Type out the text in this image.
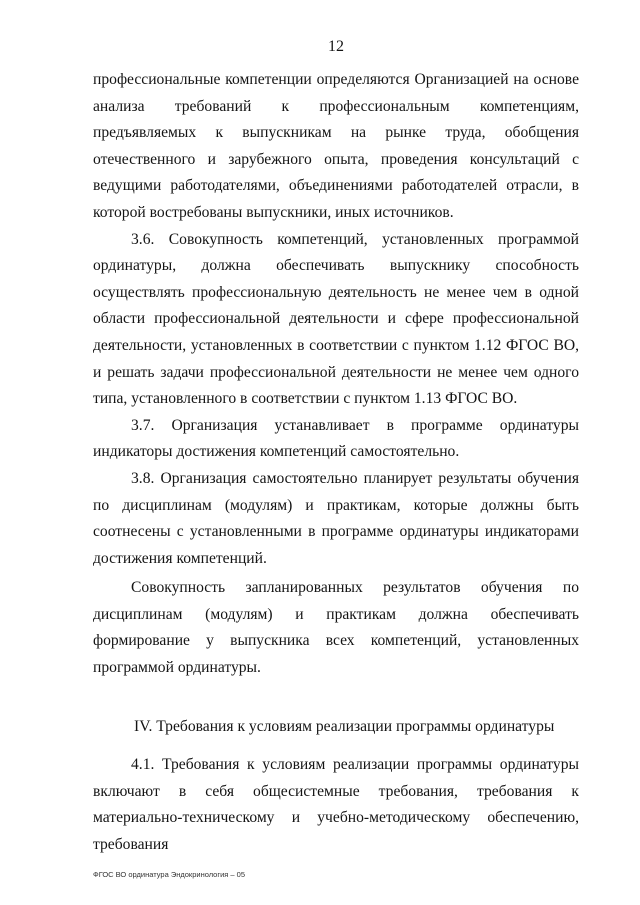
12

профессиональные компетенции определяются Организацией на основе анализа требований к профессиональным компетенциям, предъявляемых к выпускникам на рынке труда, обобщения отечественного и зарубежного опыта, проведения консультаций с ведущими работодателями, объединениями работодателей отрасли, в которой востребованы выпускники, иных источников.

3.6. Совокупность компетенций, установленных программой ординатуры, должна обеспечивать выпускнику способность осуществлять профессиональную деятельность не менее чем в одной области профессиональной деятельности и сфере профессиональной деятельности, установленных в соответствии с пунктом 1.12 ФГОС ВО, и решать задачи профессиональной деятельности не менее чем одного типа, установленного в соответствии с пунктом 1.13 ФГОС ВО.

3.7. Организация устанавливает в программе ординатуры индикаторы достижения компетенций самостоятельно.

3.8. Организация самостоятельно планирует результаты обучения по дисциплинам (модулям) и практикам, которые должны быть соотнесены с установленными в программе ординатуры индикаторами достижения компетенций.

Совокупность запланированных результатов обучения по дисциплинам (модулям) и практикам должна обеспечивать формирование у выпускника всех компетенций, установленных программой ординатуры.

IV. Требования к условиям реализации программы ординатуры

4.1. Требования к условиям реализации программы ординатуры включают в себя общесистемные требования, требования к материально-техническому и учебно-методическому обеспечению, требования

ФГОС ВО ординатура Эндокринология – 05
